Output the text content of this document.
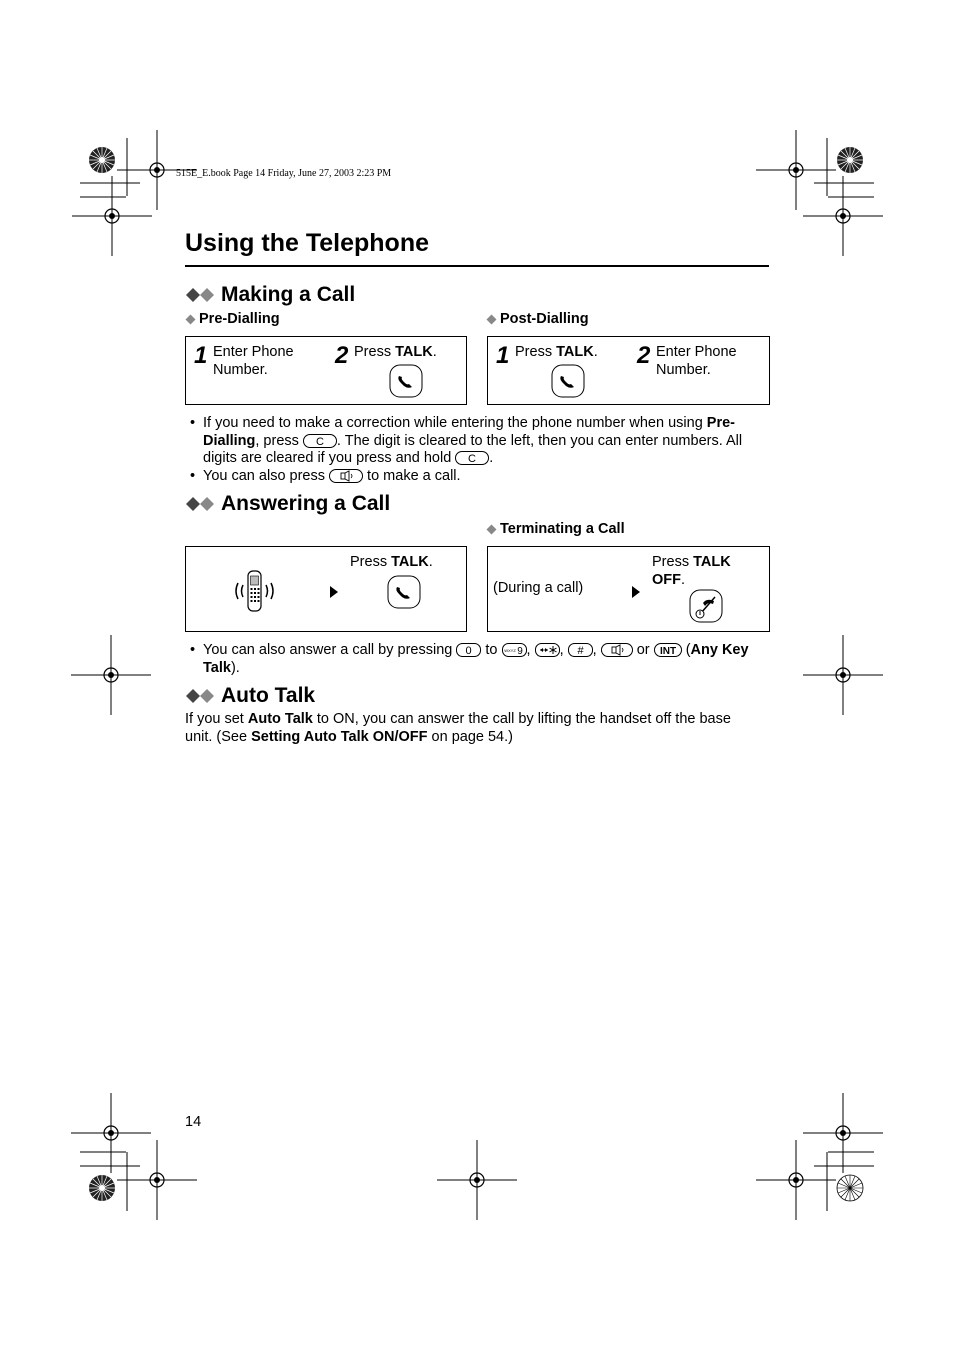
515E_E.book Page 14 Friday, June 27, 2003 2:23 PM
Using the Telephone
Making a Call
Pre-Dialling	Post-Dialling
1 Enter Phone Number.
2 Press TALK. 1 Press TALK. 2 Enter Phone Number.
• If you need to make a correction while entering the phone number when using Pre-
Dialling, press C . The digit is cleared to the left, then you can enter numbers. All
digits are cleared if you press and hold C .
• You can also press  to make a call.
Answering a Call
Terminating a Call
Press TALK.
(During a call)
Press TALK
OFF.
• You can also answer a call by pressing 0 to WXYZ 9 , , # ,  or INT (Any Key
Talk).
Auto Talk
If you set Auto Talk to ON, you can answer the call by lifting the handset off the base
unit. (See Setting Auto Talk ON/OFF on page 54.)
14
